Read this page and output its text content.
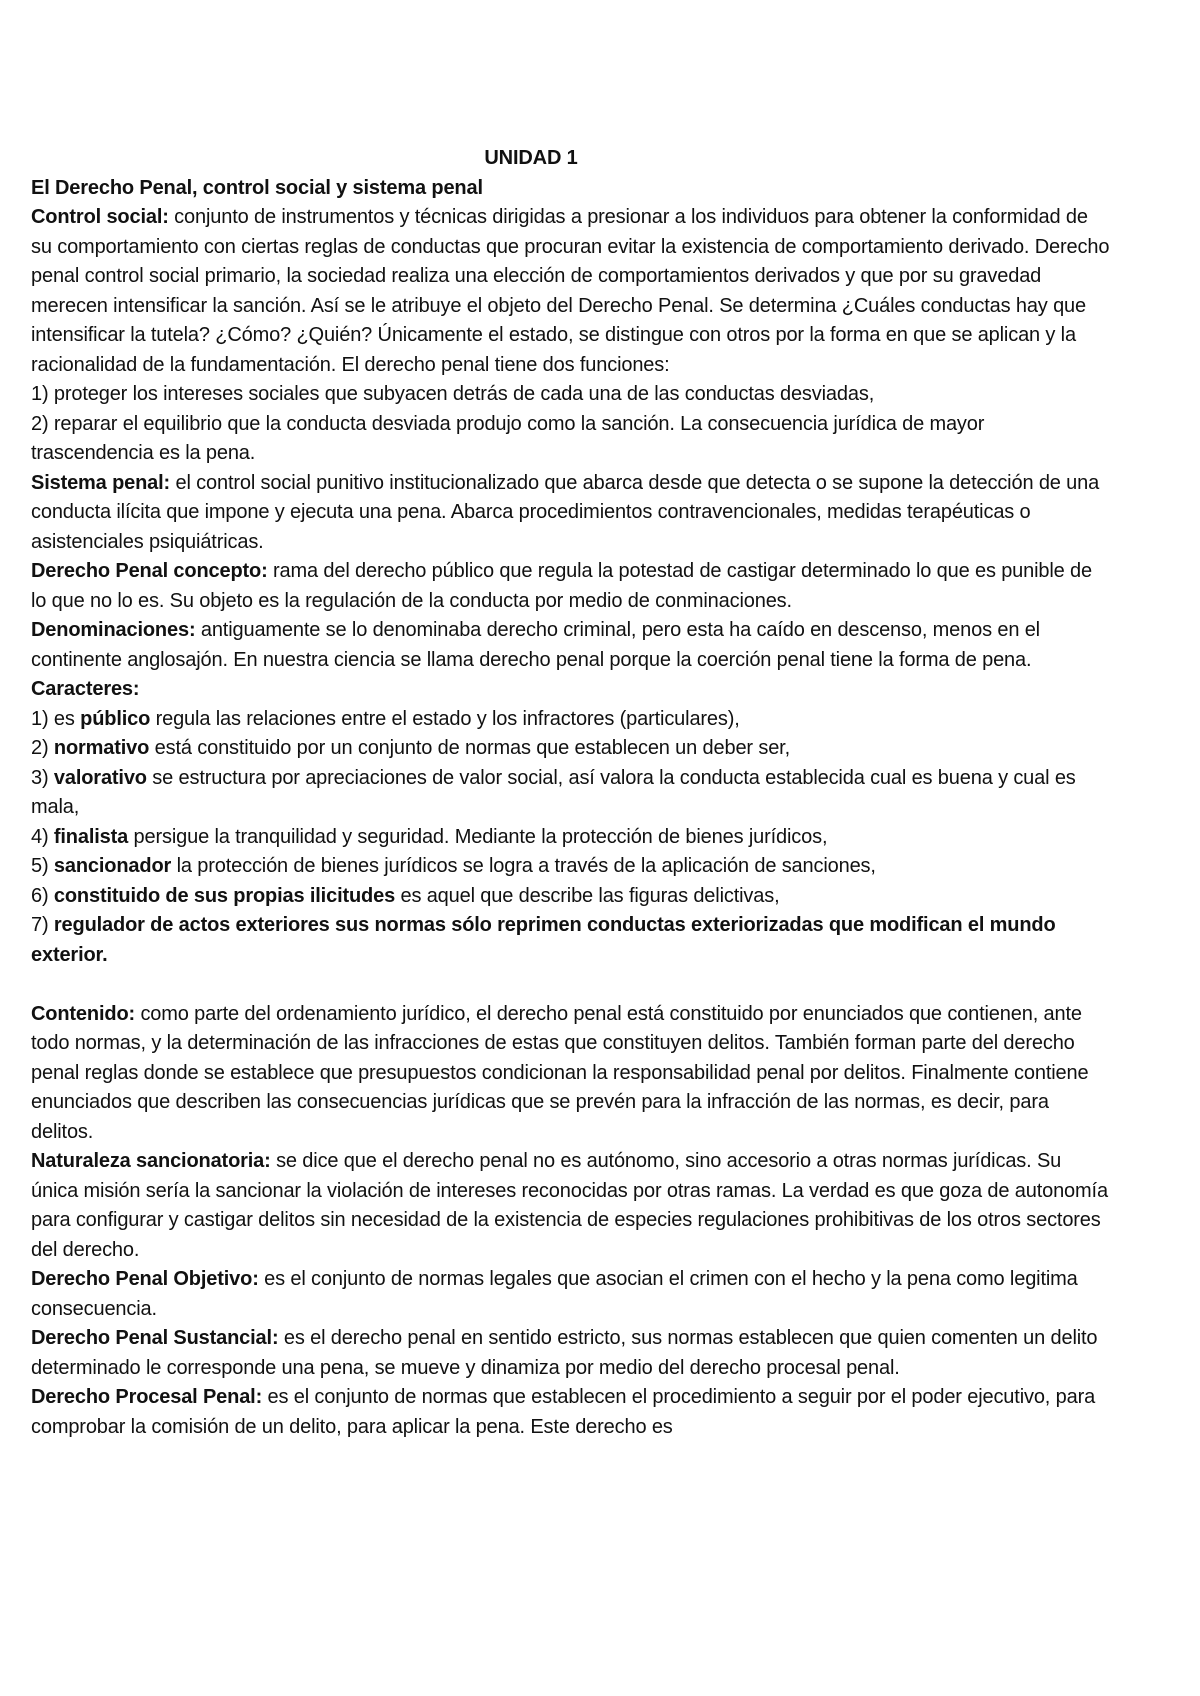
UNIDAD 1
El Derecho Penal, control social y sistema penal

Control social: conjunto de instrumentos y técnicas dirigidas a presionar a los individuos para obtener la conformidad de su comportamiento con ciertas reglas de conductas que procuran evitar la existencia de comportamiento derivado. Derecho penal control social primario, la sociedad realiza una elección de comportamientos derivados y que por su gravedad merecen intensificar la sanción. Así se le atribuye el objeto del Derecho Penal. Se determina ¿Cuáles conductas hay que intensificar la tutela? ¿Cómo? ¿Quién? Únicamente el estado, se distingue con otros por la forma en que se aplican y la racionalidad de la fundamentación. El derecho penal tiene dos funciones:

1) proteger los intereses sociales que subyacen detrás de cada una de las conductas desviadas,

2) reparar el equilibrio que la conducta desviada produjo como la sanción. La consecuencia jurídica de mayor trascendencia es la pena.

Sistema penal: el control social punitivo institucionalizado que abarca desde que detecta o se supone la detección de una conducta ilícita que impone y ejecuta una pena. Abarca procedimientos contravencionales, medidas terapéuticas o asistenciales psiquiátricas.

Derecho Penal concepto: rama del derecho público que regula la potestad de castigar determinado lo que es punible de lo que no lo es. Su objeto es la regulación de la conducta por medio de conminaciones.

Denominaciones: antiguamente se lo denominaba derecho criminal, pero esta ha caído en descenso, menos en el continente anglosajón. En nuestra ciencia se llama derecho penal porque la coerción penal tiene la forma de pena.

Caracteres:

1) es público regula las relaciones entre el estado y los infractores (particulares),

2) normativo está constituido por un conjunto de normas que establecen un deber ser,

3) valorativo se estructura por apreciaciones de valor social, así valora la conducta establecida cual es buena y cual es mala,

4) finalista persigue la tranquilidad y seguridad. Mediante la protección de bienes jurídicos,

5) sancionador la protección de bienes jurídicos se logra a través de la aplicación de sanciones,

6) constituido de sus propias ilicitudes es aquel que describe las figuras delictivas,

7) regulador de actos exteriores sus normas sólo reprimen conductas exteriorizadas que modifican el mundo exterior.

Contenido: como parte del ordenamiento jurídico, el derecho penal está constituido por enunciados que contienen, ante todo normas, y la determinación de las infracciones de estas que constituyen delitos. También forman parte del derecho penal reglas donde se establece que presupuestos condicionan la responsabilidad penal por delitos. Finalmente contiene enunciados que describen las consecuencias jurídicas que se prevén para la infracción de las normas, es decir, para delitos.

Naturaleza sancionatoria: se dice que el derecho penal no es autónomo, sino accesorio a otras normas jurídicas. Su única misión sería la sancionar la violación de intereses reconocidas por otras ramas. La verdad es que goza de autonomía para configurar y castigar delitos sin necesidad de la existencia de especies regulaciones prohibitivas de los otros sectores del derecho.

Derecho Penal Objetivo: es el conjunto de normas legales que asocian el crimen con el hecho y la pena como legitima consecuencia.

Derecho Penal Sustancial: es el derecho penal en sentido estricto, sus normas establecen que quien comenten un delito determinado le corresponde una pena, se mueve y dinamiza por medio del derecho procesal penal.

Derecho Procesal Penal: es el conjunto de normas que establecen el procedimiento a seguir por el poder ejecutivo, para comprobar la comisión de un delito, para aplicar la pena. Este derecho es
